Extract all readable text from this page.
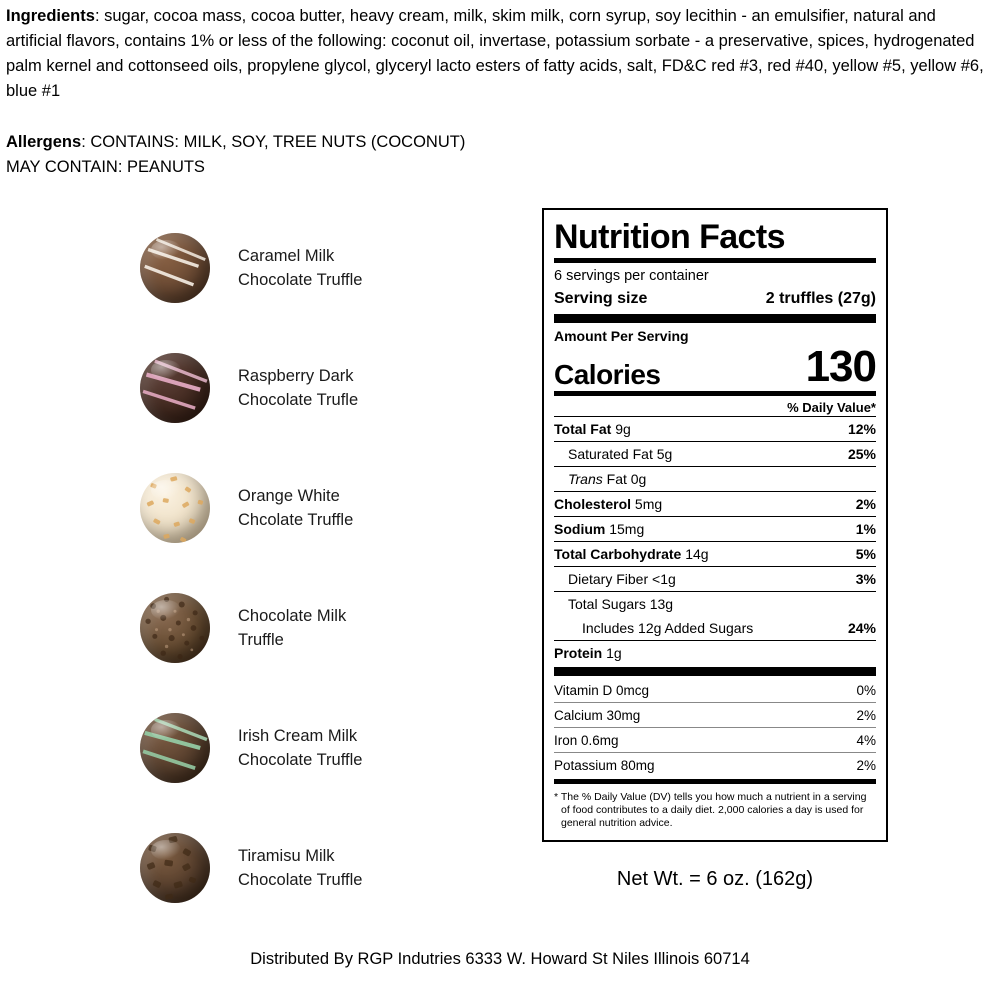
Ingredients: sugar, cocoa mass, cocoa butter, heavy cream, milk, skim milk, corn syrup, soy lecithin - an emulsifier, natural and artificial flavors, contains 1% or less of the following: coconut oil, invertase, potassium sorbate - a preservative, spices, hydrogenated palm kernel and cottonseed oils, propylene glycol, glyceryl lacto esters of fatty acids, salt, FD&C red #3, red #40, yellow #5, yellow #6, blue #1
Allergens: CONTAINS: MILK, SOY, TREE NUTS (COCONUT)
MAY CONTAIN: PEANUTS
Caramel Milk
Chocolate Truffle
Raspberry Dark
Chocolate Trufle
Orange White
Chcolate Truffle
Chocolate Milk
Truffle
Irish Cream Milk
Chocolate Truffle
Tiramisu Milk
Chocolate Truffle
Nutrition Facts
6 servings per container
Serving size	2 truffles (27g)
Amount Per Serving
Calories	130
% Daily Value*
Total Fat 9g	12%
Saturated Fat 5g	25%
Trans Fat 0g
Cholesterol 5mg	2%
Sodium 15mg	1%
Total Carbohydrate 14g	5%
Dietary Fiber <1g	3%
Total Sugars 13g
Includes 12g Added Sugars	24%
Protein 1g
Vitamin D 0mcg	0%
Calcium 30mg	2%
Iron 0.6mg	4%
Potassium 80mg	2%
* The % Daily Value (DV) tells you how much a nutrient in a serving of food contributes to a daily diet. 2,000 calories a day is used for general nutrition advice.
Net Wt. = 6 oz. (162g)
Distributed By RGP Indutries 6333 W. Howard St Niles Illinois 60714
